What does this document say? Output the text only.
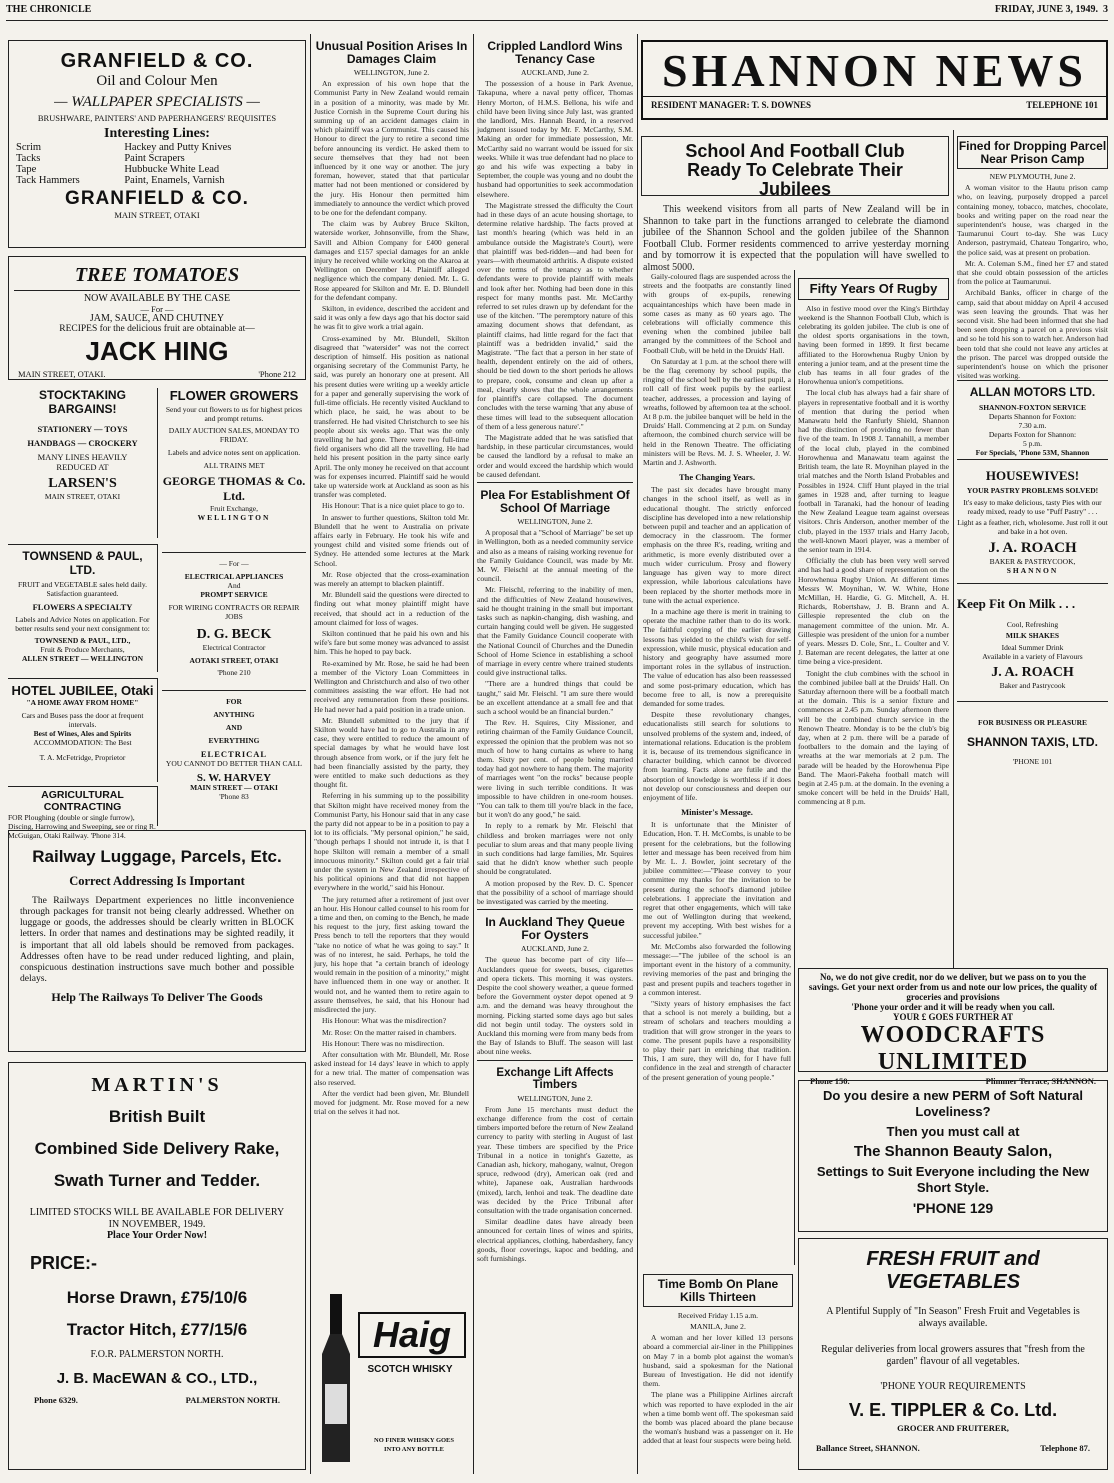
THE CHRONICLE	FRIDAY, JUNE 3, 1949. 3
GRANFIELD & CO.
Oil and Colour Men
— WALLPAPER SPECIALISTS —
BRUSHWARE, PAINTERS' AND PAPERHANGERS' REQUISITES
Interesting Lines:
Scrim	Hackey and Putty Knives
Tacks	Paint Scrapers
Tape	Hubbucke White Lead
Tack Hammers	Paint, Enamels, Varnish
GRANFIELD & CO.
MAIN STREET, OTAKI
TREE TOMATOES
NOW AVAILABLE BY THE CASE
— For —
JAM, SAUCE, AND CHUTNEY
RECIPES for the delicious fruit are obtainable at—
JACK HING
MAIN STREET, OTAKI.	'Phone 212
STOCKTAKING BARGAINS!
STATIONERY — TOYS
HANDBAGS — CROCKERY
MANY LINES HEAVILY
REDUCED AT
LARSEN'S
MAIN STREET, OTAKI
FLOWER GROWERS
Send your cut flowers to us for highest prices and prompt returns.
DAILY AUCTION SALES, MONDAY TO FRIDAY.
Labels and advice notes sent on application.
ALL TRAINS MET
GEORGE THOMAS & Co. Ltd.
Fruit Exchange,
WELLINGTON
TOWNSEND & PAUL, LTD.
FRUIT and VEGETABLE sales held daily. Satisfaction guaranteed.
FLOWERS A SPECIALTY
Labels and Advice Notes on application. For better results send your next consignment to:
TOWNSEND & PAUL, LTD.,
Fruit & Produce Merchants,
ALLEN STREET — WELLINGTON
— For —
ELECTRICAL APPLIANCES
And
PROMPT SERVICE
FOR WIRING CONTRACTS OR REPAIR JOBS
D. G. BECK
Electrical Contractor
AOTAKI STREET, OTAKI
'Phone 210
HOTEL JUBILEE, Otaki
"A HOME AWAY FROM HOME"
Cars and Buses pass the door at frequent intervals.
Best of Wines, Ales and Spirits
ACCOMMODATION: The Best
T. A. McFetridge, Proprietor
FOR
ANYTHING
AND
EVERYTHING
ELECTRICAL
YOU CANNOT DO BETTER THAN CALL
S. W. HARVEY
MAIN STREET — OTAKI
'Phone 83
AGRICULTURAL CONTRACTING
FOR Ploughing (double or single furrow), Discing, Harrowing and Sweeping, see or ring R. McGuigan, Otaki Railway. 'Phone 314.
Railway Luggage, Parcels, Etc.
Correct Addressing Is Important
The Railways Department experiences no little inconvenience through packages for transit not being clearly addressed. Whether on luggage or goods, the addresses should be clearly written in BLOCK letters. In order that names and destinations may be sighted readily, it is important that all old labels should be removed from packages. Addresses often have to be read under reduced lighting, and plain, conspicuous destination instructions save much bother and possible delays.
Help The Railways To Deliver The Goods
MARTIN'S
British Built
Combined Side Delivery Rake,
Swath Turner and Tedder.
LIMITED STOCKS WILL BE AVAILABLE FOR DELIVERY IN NOVEMBER, 1949.
Place Your Order Now!
PRICE:-
Horse Drawn, £75/10/6
Tractor Hitch, £77/15/6
F.O.R. PALMERSTON NORTH.
J. B. MacEWAN & CO., LTD.,
Phone 6329.	PALMERSTON NORTH.
Unusual Position Arises In Damages Claim
WELLINGTON, June 2.

An expression of his own hope that the Communist Party in New Zealand would remain in a position of a minority, was made by Mr. Justice Cornish in the Supreme Court during his summing up of an accident damages claim in which plaintiff was a Communist. This caused his Honour to direct the jury to retire a second time before announcing its verdict. He asked them to secure themselves that they had not been influenced by it one way or another. The jury foreman, however, stated that that particular matter had not been mentioned or considered by the jury. His Honour then permitted him immediately to announce the verdict which proved to be one for the defendant company.

The claim was by Aubrey Bruce Skilton, waterside worker, Johnsonville, from the Shaw, Savill and Albion Company for £400 general damages and £157 special damages for an ankle injury he received while working on the Akaroa at Wellington on December 14. Plaintiff alleged negligence which the company denied. Mr. L. G. Rose appeared for Skilton and Mr. E. D. Blundell for the defendant company.

Skilton, in evidence, described the accident and said it was only a few days ago that his doctor said he was fit to give work a trial again.

Cross-examined by Mr. Blundell, Skilton disagreed that "watersider" was not the correct description of himself. His position as national organising secretary of the Communist Party, he said, was purely an honorary one at present. All his present duties were writing up a weekly article for a paper and generally supervising the work of full-time officials. He recently visited Auckland to which place, he said, he was about to be transferred. He had visited Christchurch to see his people about six weeks ago. That was the only travelling he had gone. There were two full-time field organisers who did all the travelling. He had held his present position in the party since early April. The only money he received on that account was for expenses incurred. Plaintiff said he would take up waterside work at Auckland as soon as his transfer was completed.

His Honour: That is a nice quiet place to go to.

In answer to further questions, Skilton told Mr. Blundell that he went to Australia on private affairs early in February. He took his wife and youngest child and visited some friends out of Sydney. He attended some lectures at the Mark School.

Mr. Rose objected that the cross-examination was merely an attempt to blacken plaintiff.

Mr. Blundell said the questions were directed to finding out what money plaintiff might have received, that should act in a reduction of the amount claimed for loss of wages.

Skilton continued that he paid his own and his wife's fare but some money was advanced to assist him. This he hoped to pay back.

Re-examined by Mr. Rose, he said he had been a member of the Victory Loan Committees in Wellington and Christchurch and also of two other committees assisting the war effort. He had not received any remuneration from these positions. He had never had a paid position in a trade union.

Mr. Blundell submitted to the jury that if Skilton would have had to go to Australia in any case, they were entitled to reduce the amount of special damages by what he would have lost through absence from work, or if the jury felt he had been financially assisted by the party, they were entitled to make such deductions as they thought fit.

Referring in his summing up to the possibility that Skilton might have received money from the Communist Party, his Honour said that in any case the party did not appear to be in a position to pay a lot to its officials. "My personal opinion," he said, "though perhaps I should not intrude it, is that I hope Skilton will remain a member of a small innocuous minority." Skilton could get a fair trial under the system in New Zealand irrespective of his political opinions and that did not happen everywhere in the world," said his Honour.

The jury returned after a retirement of just over an hour. His Honour called counsel to his room for a time and then, on coming to the Bench, he made his request to the jury, first asking toward the Press bench to tell the reporters that they would "take no notice of what he was going to say." It was of no interest, he said. Perhaps, he told the jury, his hope that "a certain branch of ideology would remain in the position of a minority," might have influenced them in one way or another. It would not, and he wanted them to retire again to assure themselves, he said, that his Honour had misdirected the jury.

His Honour: What was the misdirection?

Mr. Rose: On the matter raised in chambers.

His Honour: There was no misdirection.

After consultation with Mr. Blundell, Mr. Rose asked instead for 14 days' leave in which to apply for a new trial. The matter of compensation was also reserved.

After the verdict had been given, Mr. Blundell moved for judgment. Mr. Rose moved for a new trial on the selves it had not.

Haig
SCOTCH WHISKY
NO FINER WHISKY GOES INTO ANY BOTTLE
Crippled Landlord Wins Tenancy Case
AUCKLAND, June 2.

The possession of a house in Park Avenue, Takapuna, where a naval petty officer, Thomas Henry Morton, of H.M.S. Bellona, his wife and child have been living since July last, was granted the landlord, Mrs. Hannah Beard, in a reserved judgment issued today by Mr. F. McCarthy, S.M. Making an order for immediate possession, Mr. McCarthy said no warrant would be issued for six weeks. While it was true defendant had no place to go and his wife was expecting a baby in September, the couple was young and no doubt the husband had opportunities to seek accommodation elsewhere.

The Magistrate stressed the difficulty the Court had in these days of an acute housing shortage, to determine relative hardship. The facts proved at last month's hearing (which was held in an ambulance outside the Magistrate's Court), were that plaintiff was bed-ridden—and had been for years—with rheumatoid arthritis. A dispute existed over the terms of the tenancy as to whether defendants were to provide plaintiff with meals and look after her. Nothing had been done in this respect for many months past. Mr. McCarthy referred to set rules drawn up by defendant for the use of the kitchen. "The peremptory nature of this amazing document shows that defendant, as plaintiff claims, had little regard for the fact that plaintiff was a bedridden invalid," said the Magistrate. "The fact that a person in her state of health, dependent entirely on the aid of others, should be tied down to the short periods he allows to prepare, cook, consume and clean up after a meal, clearly shows that the whole arrangements for plaintiff's care collapsed. The document concludes with the terse warning 'that any abuse of these times will lead to the subsequent allocation of them of a less generous nature'."

The Magistrate added that he was satisfied that hardship, in these particular circumstances, would be caused the landlord by a refusal to make an order and would exceed the hardship which would be caused defendant.

Plea For Establishment Of School Of Marriage
WELLINGTON, June 2.

A proposal that a "School of Marriage" be set up in Wellington, both as a needed community service and also as a means of raising working revenue for the Family Guidance Council, was made by Mr. M. W. Fleischl at the annual meeting of the council.

Mr. Fleischl, referring to the inability of men, and the difficulties of New Zealand housewives, said he thought training in the small but important tasks such as napkin-changing, dish washing, and curtain hanging could well be given. He suggested that the Family Guidance Council cooperate with the National Council of Churches and the Dunedin School of Home Science in establishing a school of marriage in every centre where trained students could give instructional talks.

"There are a hundred things that could be taught," said Mr. Fleischl. "I am sure there would be an excellent attendance at a small fee and that such a school would be an financial burden."

The Rev. H. Squires, City Missioner, and retiring chairman of the Family Guidance Council, expressed the opinion that the problem was not so much of how to hang curtains as where to hang them. Sixty per cent. of people being married today had got nowhere to hang them. The majority of marriages went "on the rocks" because people were living in such terrible conditions. It was impossible to have children in one-room houses. "You can talk to them till you're black in the face, but it won't do any good," he said.

In reply to a remark by Mr. Fleischl that childless and broken marriages were not only peculiar to slum areas and that many people living in such conditions had large families, Mr. Squires said that he didn't know whether such people should be congratulated.

A motion proposed by the Rev. D. C. Spencer that the possibility of a school of marriage should be investigated was carried by the meeting.

In Auckland They Queue For Oysters
AUCKLAND, June 2.

The queue has become part of city life—Aucklanders queue for sweets, buses, cigarettes and opera tickets. This morning it was oysters. Despite the cool showery weather, a queue formed before the Government oyster depot opened at 9 a.m. and the demand was heavy throughout the morning. Picking started some days ago but sales did not begin until today. The oysters sold in Auckland this morning were from many beds from the Bay of Islands to Bluff. The season will last about nine weeks.

Exchange Lift Affects Timbers
WELLINGTON, June 2.

From June 15 merchants must deduct the exchange difference from the cost of certain timbers imported before the return of New Zealand currency to parity with sterling in August of last year. These timbers are specified by the Price Tribunal in a notice in tonight's Gazette, as Canadian ash, hickory, mahogany, walnut, Oregon spruce, redwood (dry), American oak (red and white), Japanese oak, Australian hardwoods (mixed), larch, lenhoi and teak. The deadline date was decided by the Price Tribunal after consultation with the trade organisation concerned.

Similar deadline dates have already been announced for certain lines of wines and spirits, electrical appliances, clothing, haberdashery, fancy goods, floor coverings, kapoc and bedding, and soft furnishings.

SHANNON NEWS
RESIDENT MANAGER: T. S. DOWNES	TELEPHONE 101
School And Football Club Ready To Celebrate Their Jubilees
This weekend visitors from all parts of New Zealand will be in Shannon to take part in the functions arranged to celebrate the diamond jubilee of the Shannon School and the golden jubilee of the Shannon Football Club. Former residents commenced to arrive yesterday morning and by tomorrow it is expected that the population will have swelled to almost 5000.

Gaily-coloured flags are suspended across the streets and the footpaths are constantly lined with groups of ex-pupils, renewing acquaintanceships which have been made in some cases as many as 60 years ago. The celebrations will officially commence this evening when the combined jubilee ball arranged by the committees of the School and Football Club, will be held in the Druids' Hall.

On Saturday at 1 p.m. at the school there will be the flag ceremony by school pupils, the ringing of the school bell by the earliest pupil, a roll call of first week pupils by the earliest teacher, addresses, a procession and laying of wreaths, followed by afternoon tea at the school. At 8 p.m. the jubilee banquet will be held in the Druids' Hall. Commencing at 2 p.m. on Sunday afternoon, the combined church service will be held in the Renown Theatre. The officiating ministers will be Revs. M. J. S. Wheeler, J. W. Martin and J. Ashworth.

The Changing Years.

The past six decades have brought many changes in the school itself, as well as in educational thought. The strictly enforced discipline has developed into a new relationship between pupil and teacher and an application of democracy in the classroom. The former emphasis on the three R's, reading, writing and arithmetic, is more evenly distributed over a much wider curriculum. Prosy and flowery language has given way to more direct expression, while laborious calculations have been replaced by the shorter methods more in tune with the actual experience.

In a machine age there is merit in training to operate the machine rather than to do its work. The faithful copying of the earlier drawing lessons has yielded to the child's wish for self-expression, while music, physical education and history and geography have assumed more important roles in the syllabus of instruction. The value of education has also been reassessed and some post-primary education, which has become free to all, is now a prerequisite demanded for some trades.

Despite these revolutionary changes, educationalists still search for solutions to unsolved problems of the system and, indeed, of international relations. Education is the problem it is, because of its tremendous significance in character building, which cannot be divorced from learning. Facts alone are futile and the absorption of knowledge is worthless if it does not develop our consciousness and deepen our enjoyment of life.

Minister's Message.

It is unfortunate that the Minister of Education, Hon. T. H. McCombs, is unable to be present for the celebrations, but the following letter and message has been received from him by Mr. L. J. Bowler, joint secretary of the jubilee committee:—"Please convey to your committee my thanks for the invitation to be present during the school's diamond jubilee celebrations. I appreciate the invitation and regret that other engagements, which will take me out of Wellington during that weekend, prevent my accepting. With best wishes for a successful jubilee."

Mr. McCombs also forwarded the following message:—"The jubilee of the school is an important event in the history of a community, reviving memories of the past and bringing the past and present pupils and teachers together in a common interest.

"Sixty years of history emphasises the fact that a school is not merely a building, but a stream of scholars and teachers moulding a tradition that will grow stronger in the years to come. The present pupils have a responsibility to play their part in enriching that tradition. This, I am sure, they will do, for I have full confidence in the zeal and strength of character of the present generation of young people."

Fifty Years Of Rugby

Also in festive mood over the King's Birthday weekend is the Shannon Football Club, which is celebrating its golden jubilee. The club is one of the oldest sports organisations in the town, having been formed in 1899. It first became affiliated to the Horowhenua Rugby Union by entering a junior team, and at the present time the club has teams in all four grades of the Horowhenua union's competitions.

The local club has always had a fair share of players in representative football and it is worthy of mention that during the period when Manawatu held the Ranfurly Shield, Shannon had the distinction of providing no fewer than five of the team. In 1908 J. Tannahill, a member of the local club, played in the combined Horowhenua and Manawatu team against the British team, the late R. Moynihan played in the trial matches and the North Island Probables and Possibles in 1924. Cliff Hunt played in the trial games in 1928 and, after turning to league football in Taranaki, had the honour of leading the New Zealand League team against overseas visitors. Chris Anderson, another member of the club, played in the 1937 trials and Harry Jacob, the well-known Maori player, was a member of the senior team in 1914.

Officially the club has been very well served and has had a good share of representation on the Horowhenua Rugby Union. At different times Messrs W. Moynihan, W. W. White, Hone McMillan, H. Hardie, G. G. Mitchell, A. H. Richards, Robertshaw, J. B. Brann and A. Gillespie represented the club on the management committee of the union. Mr. A. Gillespie was president of the union for a number of years. Messrs D. Cole, Snr., L. Coulter and V. J. Bateman are recent delegates, the latter at one time being a vice-president.

Tonight the club combines with the school in the combined jubilee ball at the Druids' Hall. On Saturday afternoon there will be a football match at the domain. This is a senior fixture and commences at 2.45 p.m. Sunday afternoon there will be the combined church service in the Renown Theatre. Monday is to be the club's big day, when at 2 p.m. there will be a parade of footballers to the domain and the laying of wreaths at the war memorials at 2 p.m. The parade will be headed by the Horowhenua Pipe Band. The Maori-Pakeha football match will begin at 2.45 p.m. at the domain. In the evening a smoke concert will be held in the Druids' Hall, commencing at 8 p.m.

Fined for Dropping Parcel Near Prison Camp
NEW PLYMOUTH, June 2.

A woman visitor to the Hautu prison camp who, on leaving, purposely dropped a parcel containing money, tobacco, matches, chocolate, books and writing paper on the road near the superintendent's house, was charged in the Taumarunui Court to-day. She was Lucy Anderson, pastrymaid, Chateau Tongariro, who, the police said, was at present on probation.

Mr. A. Coleman S.M., fined her £7 and stated that she could obtain possession of the articles from the police at Taumarunui.

Archibald Banks, officer in charge of the camp, said that about midday on April 4 accused was seen leaving the grounds. That was her second visit. She had been informed that she had been seen dropping a parcel on a previous visit and so he told his son to watch her. Anderson had been told that she could not leave any articles at the prison. The parcel was dropped outside the superintendent's house on which the prisoner visited was working.

ALLAN MOTORS LTD.
SHANNON-FOXTON SERVICE
Departs Shannon for Foxton:
7.30 a.m.
Departs Foxton for Shannon:
5 p.m.
For Specials, 'Phone 53M, Shannon
HOUSEWIVES!
YOUR PASTRY PROBLEMS SOLVED!
It's easy to make delicious, tasty Pies with our ready mixed, ready to use "Puff Pastry" . . .
Light as a feather, rich, wholesome. Just roll it out and bake in a hot oven.
J. A. ROACH
BAKER & PASTRYCOOK,
SHANNON
Keep Fit On Milk . . .
Cool, Refreshing
MILK SHAKES
Ideal Summer Drink
Available in a variety of Flavours
J. A. ROACH
Baker and Pastrycook
FOR BUSINESS OR PLEASURE
SHANNON TAXIS, LTD.
'PHONE 101
No, we do not give credit, nor do we deliver, but we pass on to you the savings. Get your next order from us and note our low prices, the quality of groceries and provisions
'Phone your order and it will be ready when you call.
YOUR £ GOES FURTHER AT
WOODCRAFTS UNLIMITED
Phone 150.	Plimmer Terrace, SHANNON.
Do you desire a new PERM of Soft Natural Loveliness?
Then you must call at
The Shannon Beauty Salon,
Settings to Suit Everyone including the New Short Style.
'PHONE 129
FRESH FRUIT and VEGETABLES
A Plentiful Supply of "In Season" Fresh Fruit and Vegetables is always available.
Regular deliveries from local growers assures that "fresh from the garden" flavour of all vegetables.
'PHONE YOUR REQUIREMENTS
V. E. TIPPLER & Co. Ltd.
GROCER AND FRUITERER,
Ballance Street, SHANNON.	Telephone 87.
Time Bomb On Plane Kills Thirteen
Received Friday 1.15 a.m.
MANILA, June 2.

A woman and her lover killed 13 persons aboard a commercial air-liner in the Philippines on May 7 in a bomb plot against the woman's husband, said a spokesman for the National Bureau of Investigation. He did not identify them.

The plane was a Philippine Airlines aircraft which was reported to have exploded in the air when a time bomb went off. The spokesman said the bomb was placed aboard the plane because the woman's husband was a passenger on it. He added that at least four suspects were being held.
